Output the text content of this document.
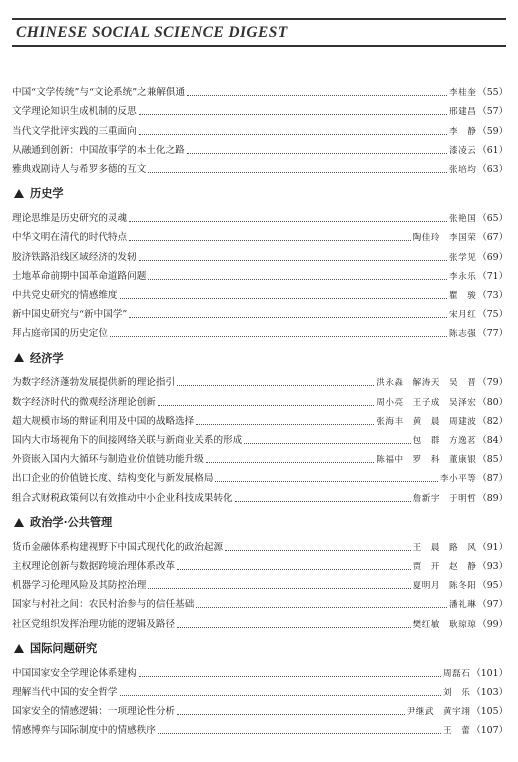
CHINESE SOCIAL SCIENCE DIGEST
中国“文学传统”与“文论系统”之兼解俱通	李桂奎 （55）
文学理论知识生成机制的反思	邢建昌 （57）
当代文学批评实践的三重面向	李　静 （59）
从融通到创新：中国故事学的本土化之路	漆凌云 （61）
雅典戏剧诗人与希罗多德的互文	张培均 （63）
历史学
理论思维是历史研究的灵魂	张艳国 （65）
中华文明在清代的时代特点	陶佳玲　李国荣 （67）
胶济铁路沿线区域经济的发轫	张学见 （69）
土地革命前期中国革命道路问题	李永乐 （71）
中共党史研究的情感维度	瞿　骏 （73）
新中国史研究与“新中国学”	宋月红 （75）
拜占庭帝国的历史定位	陈志强 （77）
经济学
为数字经济蓬勃发展提供新的理论指引	洪永淼　解涛天　吴　晋 （79）
数字经济时代的微观经济理论创新	周小亮　王子成　吴泽宏 （80）
超大规模市场的辩证利用及中国的战略选择	张海丰　黄　晨　周建波 （82）
国内大市场视角下的间接网络关联与新商业关系的形成	包　群　方逸茗 （84）
外资嵌入国内大循环与制造业价值链功能升级	陈福中　罗　科　董康银 （85）
出口企业的价值链长度、结构变化与新发展格局	李小平等 （87）
组合式财税政策何以有效推动中小企业科技成果转化	詹新宇　于明哲 （89）
政治学·公共管理
货币金融体系构建视野下中国式现代化的政治起源	王　晨　路　风 （91）
主权理论创新与数据跨境治理体系改革	贾　开　赵　静 （93）
机器学习伦理风险及其防控治理	夏明月　陈冬阳 （95）
国家与村社之间：农民村治参与的信任基础	潘礼琳 （97）
社区党组织发挥治理功能的逻辑及路径	樊红敏　耿琼琼 （99）
国际问题研究
中国国家安全学理论体系建构	周磊石 （101）
理解当代中国的安全哲学	刘　乐 （103）
国家安全的情感逻辑：一项理论性分析	尹继武　黄宇翊 （105）
情感博弈与国际制度中的情感秩序	王　蕾 （107）
